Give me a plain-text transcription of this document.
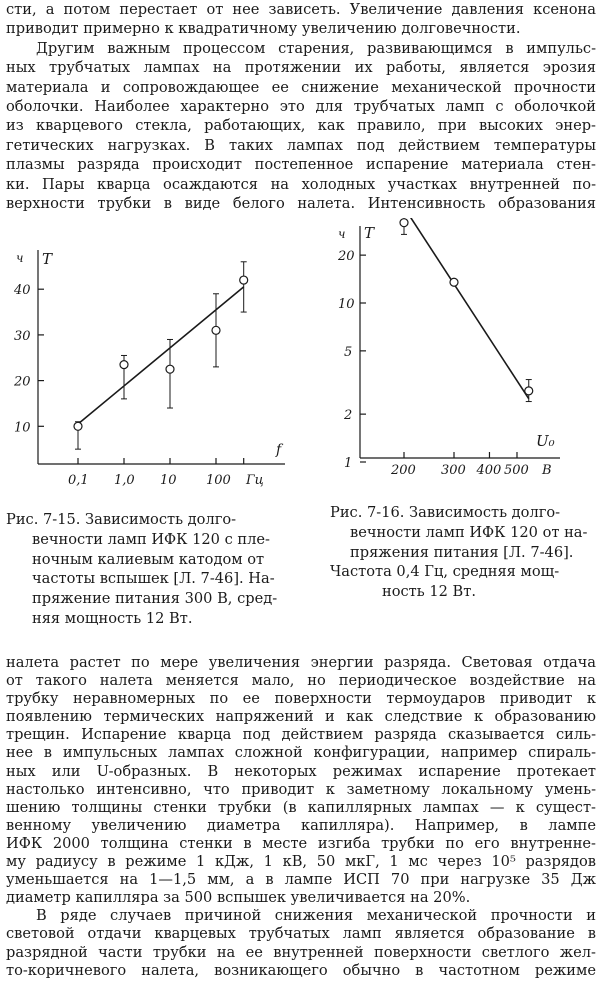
сти, а потом перестает от нее зависеть. Увеличение давления ксенона
приводит примерно к квадратичному увеличению долговечности.
Другим важным процессом старения, развивающимся в импульс-
ных трубчатых лампах на протяжении их работы, является эрозия
материала и сопровождающее ее снижение механической прочности
оболочки. Наиболее характерно это для трубчатых ламп с оболочкой
из кварцевого стекла, работающих, как правило, при высоких энер-
гетических нагрузках. В таких лампах под действием температуры
плазмы разряда происходит постепенное испарение материала стен-
ки. Пары кварца осаждаются на холодных участках внутренней по-
верхности трубки в виде белого налета. Интенсивность образования
ч T
10
20
30
40
0,1 1,0 10 100
f
Гц
ч T
1
2
5
10
20
200 300 400 500
U₀
В
Рис. 7-15. Зависимость долго-
вечности ламп ИФК 120 с пле-
ночным калиевым катодом от
частоты вспышек [Л. 7-46]. На-
пряжение питания 300 В, сред-
няя мощность 12 Вт.
Рис. 7-16. Зависимость долго-
вечности ламп ИФК 120 от на-
пряжения питания [Л. 7-46].
Частота 0,4 Гц, средняя мощ-
ность 12 Вт.
налета растет по мере увеличения энергии разряда. Световая отдача
от такого налета меняется мало, но периодическое воздействие на
трубку неравномерных по ее поверхности термоударов приводит к
появлению термических напряжений и как следствие к образованию
трещин. Испарение кварца под действием разряда сказывается силь-
нее в импульсных лампах сложной конфигурации, например спираль-
ных или U-образных. В некоторых режимах испарение протекает
настолько интенсивно, что приводит к заметному локальному умень-
шению толщины стенки трубки (в капиллярных лампах — к сущест-
венному увеличению диаметра капилляра). Например, в лампе
ИФК 2000 толщина стенки в месте изгиба трубки по его внутренне-
му радиусу в режиме 1 кДж, 1 кВ, 50 мкГ, 1 мс через 10⁵ разрядов
уменьшается на 1—1,5 мм, а в лампе ИСП 70 при нагрузке 35 Дж
диаметр капилляра за 500 вспышек увеличивается на 20%.
В ряде случаев причиной снижения механической прочности и
световой отдачи кварцевых трубчатых ламп является образование в
разрядной части трубки на ее внутренней поверхности светлого жел-
то-коричневого налета, возникающего обычно в частотном режиме
